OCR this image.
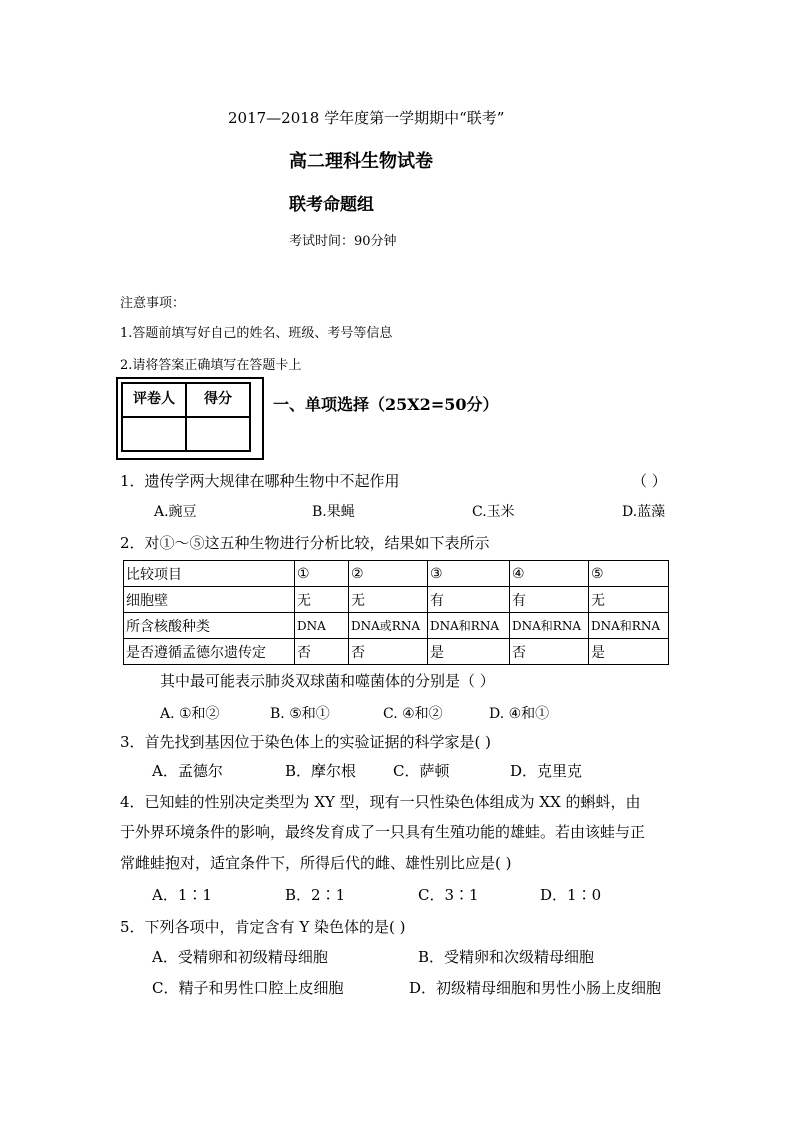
2017—2018 学年度第一学期期中“联考”
高二理科生物试卷
联考命题组
考试时间：90分钟
注意事项：
1.答题前填写好自己的姓名、班级、考号等信息
2.请将答案正确填写在答题卡上
评卷人	得分
		一、单项选择（25X2=50分）
1．遗传学两大规律在哪种生物中不起作用	（ ）
A.豌豆	B.果蝇	C.玉米	D.蓝藻
2．对①～⑤这五种生物进行分析比较，结果如下表所示
比较项目	①	②	③	④	⑤
细胞壁	无	无	有	有	无
所含核酸种类	DNA	DNA或RNA	DNA和RNA	DNA和RNA	DNA和RNA
是否遵循孟德尔遗传定	否	否	是	否	是
其中最可能表示肺炎双球菌和噬菌体的分别是（ ）
A. ①和②	B. ⑤和①	C. ④和②	D. ④和①
3．首先找到基因位于染色体上的实验证据的科学家是( )
A．孟德尔	B．摩尔根 C．萨顿	D．克里克
4．已知蛙的性别决定类型为 XY 型，现有一只性染色体组成为 XX 的蝌蚪，由
于外界环境条件的影响，最终发育成了一只具有生殖功能的雄蛙。若由该蛙与正
常雌蛙抱对，适宜条件下，所得后代的雌、雄性别比应是( )
A．1∶1	B．2∶1	C．3∶1	D．1∶0
5．下列各项中，肯定含有 Y 染色体的是( )
A．受精卵和初级精母细胞	B．受精卵和次级精母细胞
C．精子和男性口腔上皮细胞	D．初级精母细胞和男性小肠上皮细胞
